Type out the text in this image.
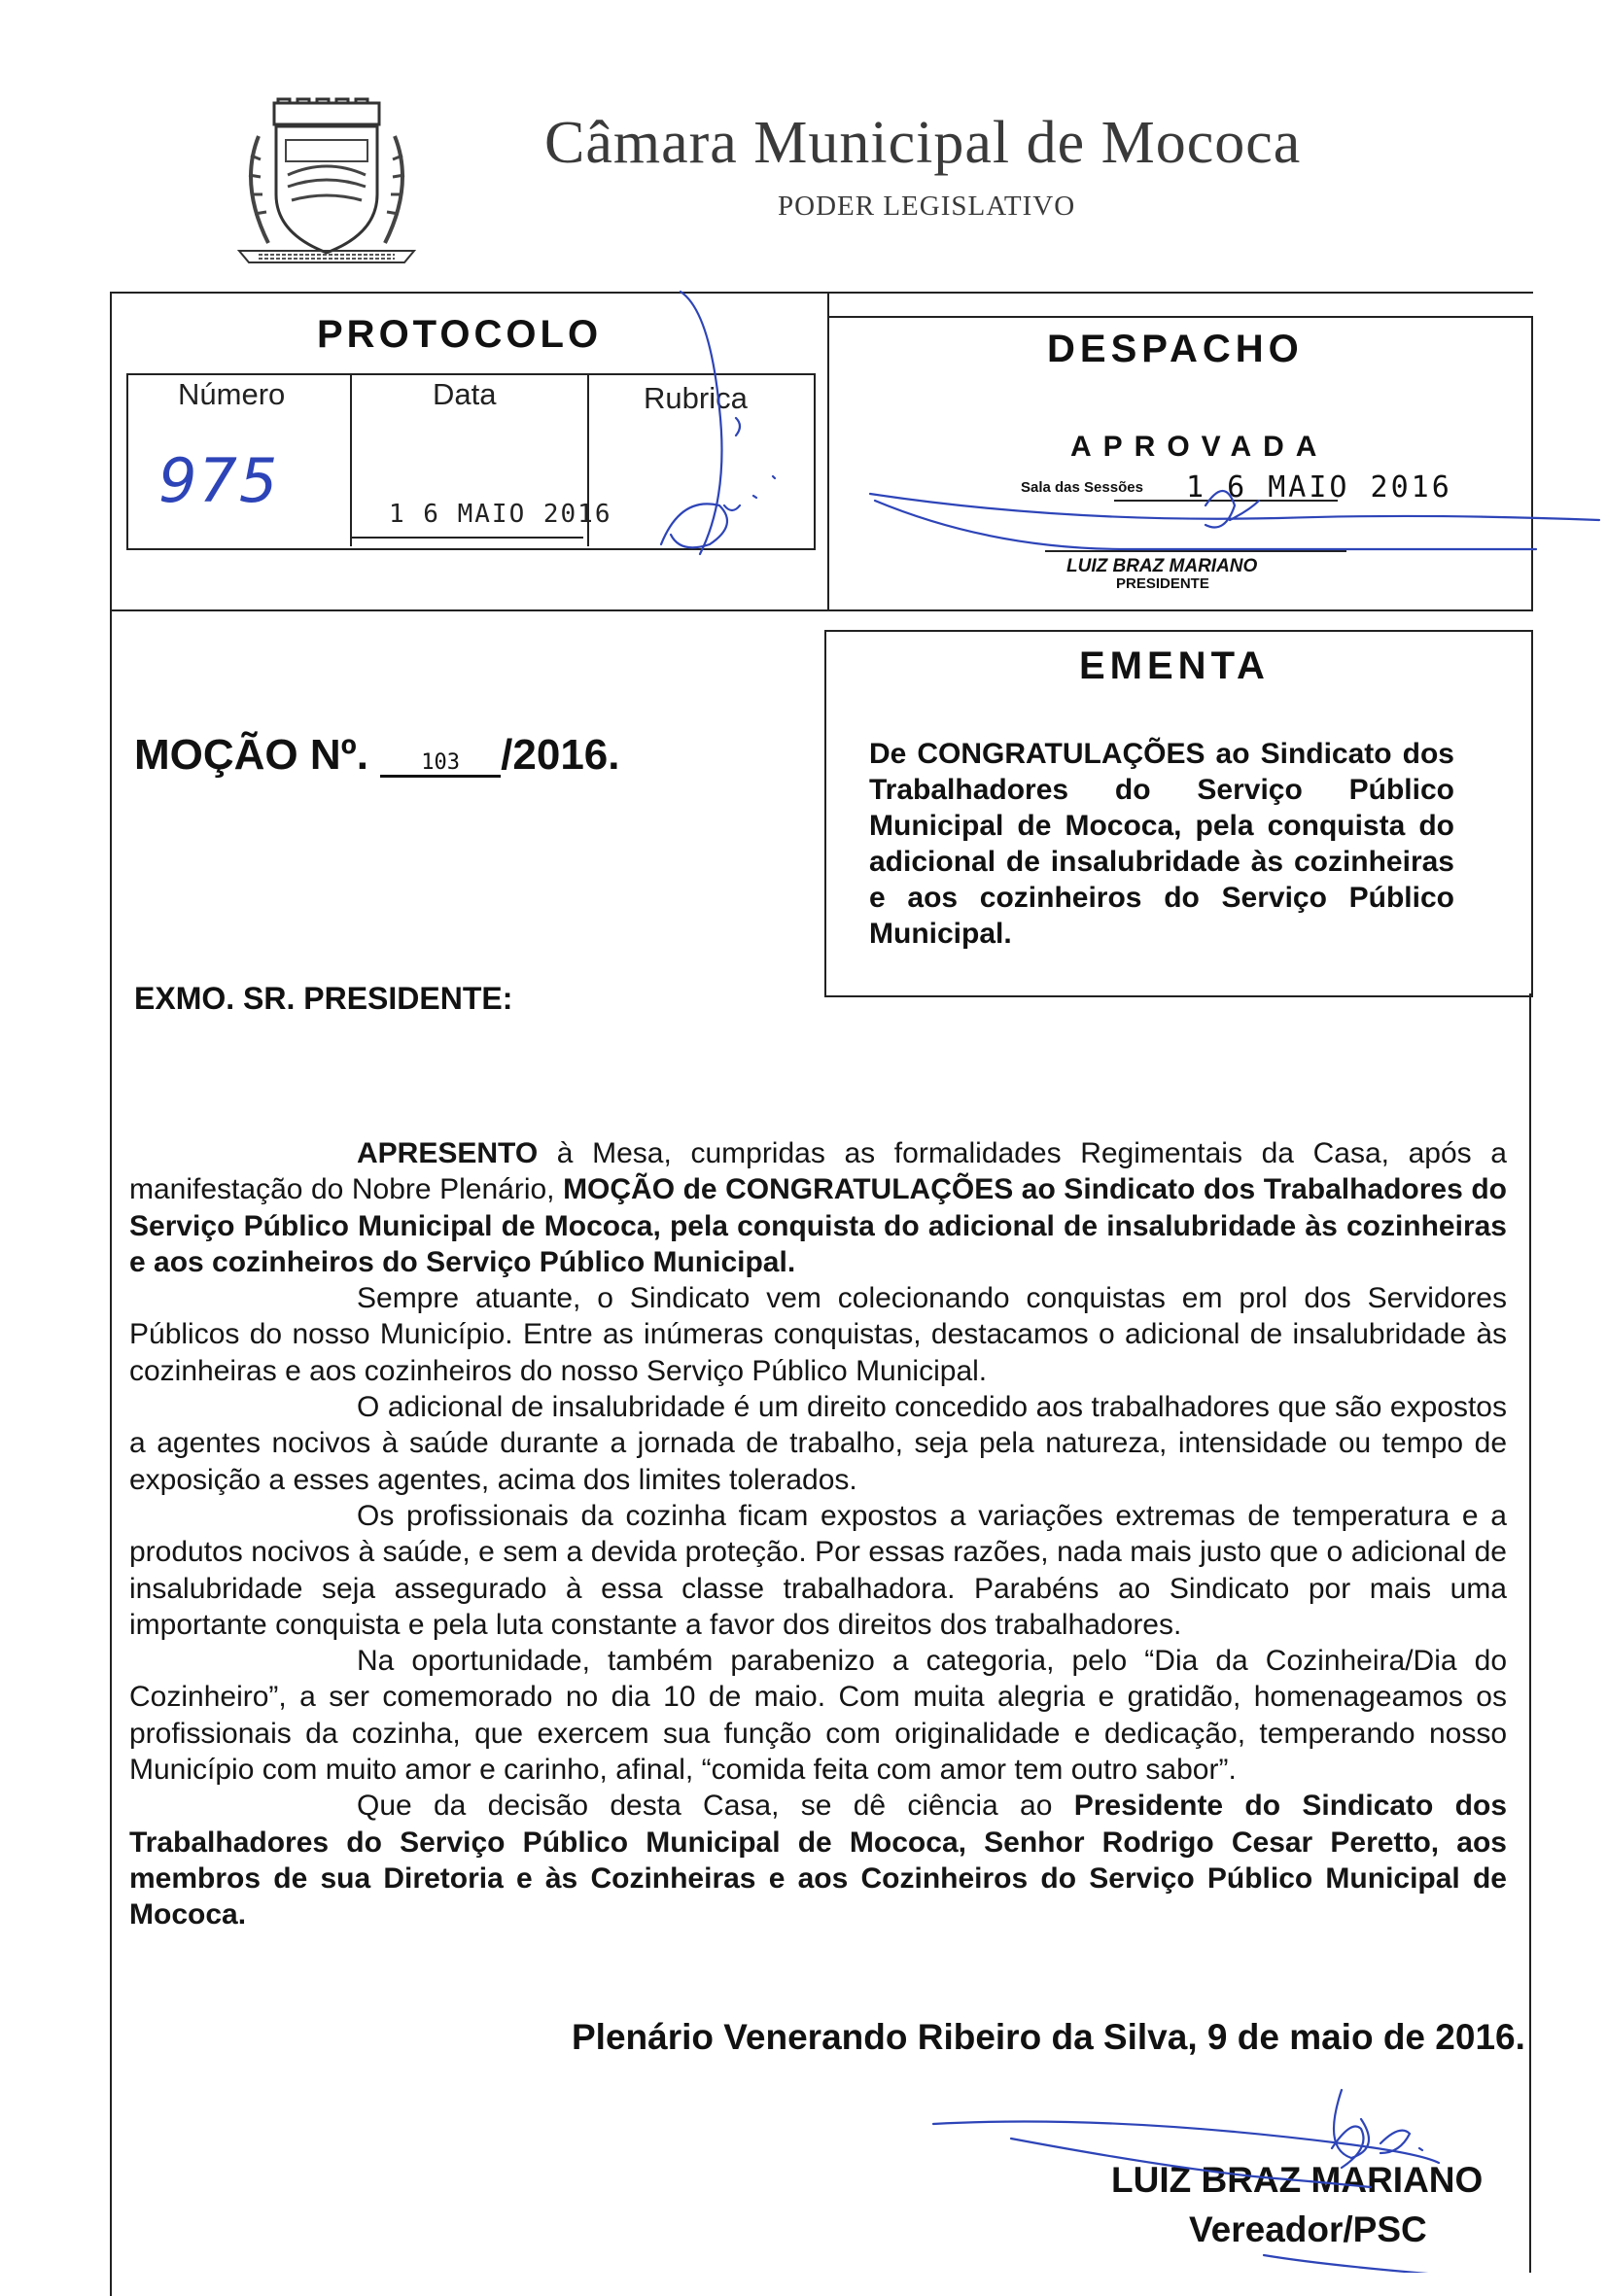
Câmara Municipal de Mococa
PODER LEGISLATIVO
PROTOCOLO
Número	Data	Rubrica
975	1 6 MAIO 2016
DESPACHO
APROVADA
Sala das Sessões 1 6 MAIO 2016
LUIZ BRAZ MARIANO
PRESIDENTE
EMENTA
De CONGRATULAÇÕES ao Sindicato dos Trabalhadores do Serviço Público Municipal de Mococa, pela conquista do adicional de insalubridade às cozinheiras e aos cozinheiros do Serviço Público Municipal.
MOÇÃO Nº. 103 /2016.
EXMO. SR. PRESIDENTE:

APRESENTO à Mesa, cumpridas as formalidades Regimentais da Casa, após a manifestação do Nobre Plenário, MOÇÃO de CONGRATULAÇÕES ao Sindicato dos Trabalhadores do Serviço Público Municipal de Mococa, pela conquista do adicional de insalubridade às cozinheiras e aos cozinheiros do Serviço Público Municipal.

Sempre atuante, o Sindicato vem colecionando conquistas em prol dos Servidores Públicos do nosso Município. Entre as inúmeras conquistas, destacamos o adicional de insalubridade às cozinheiras e aos cozinheiros do nosso Serviço Público Municipal.

O adicional de insalubridade é um direito concedido aos trabalhadores que são expostos a agentes nocivos à saúde durante a jornada de trabalho, seja pela natureza, intensidade ou tempo de exposição a esses agentes, acima dos limites tolerados.

Os profissionais da cozinha ficam expostos a variações extremas de temperatura e a produtos nocivos à saúde, e sem a devida proteção. Por essas razões, nada mais justo que o adicional de insalubridade seja assegurado à essa classe trabalhadora. Parabéns ao Sindicato por mais uma importante conquista e pela luta constante a favor dos direitos dos trabalhadores.

Na oportunidade, também parabenizo a categoria, pelo “Dia da Cozinheira/Dia do Cozinheiro”, a ser comemorado no dia 10 de maio. Com muita alegria e gratidão, homenageamos os profissionais da cozinha, que exercem sua função com originalidade e dedicação, temperando nosso Município com muito amor e carinho, afinal, “comida feita com amor tem outro sabor”.

Que da decisão desta Casa, se dê ciência ao Presidente do Sindicato dos Trabalhadores do Serviço Público Municipal de Mococa, Senhor Rodrigo Cesar Peretto, aos membros de sua Diretoria e às Cozinheiras e aos Cozinheiros do Serviço Público Municipal de Mococa.

Plenário Venerando Ribeiro da Silva, 9 de maio de 2016.
LUIZ BRAZ MARIANO
Vereador/PSC
